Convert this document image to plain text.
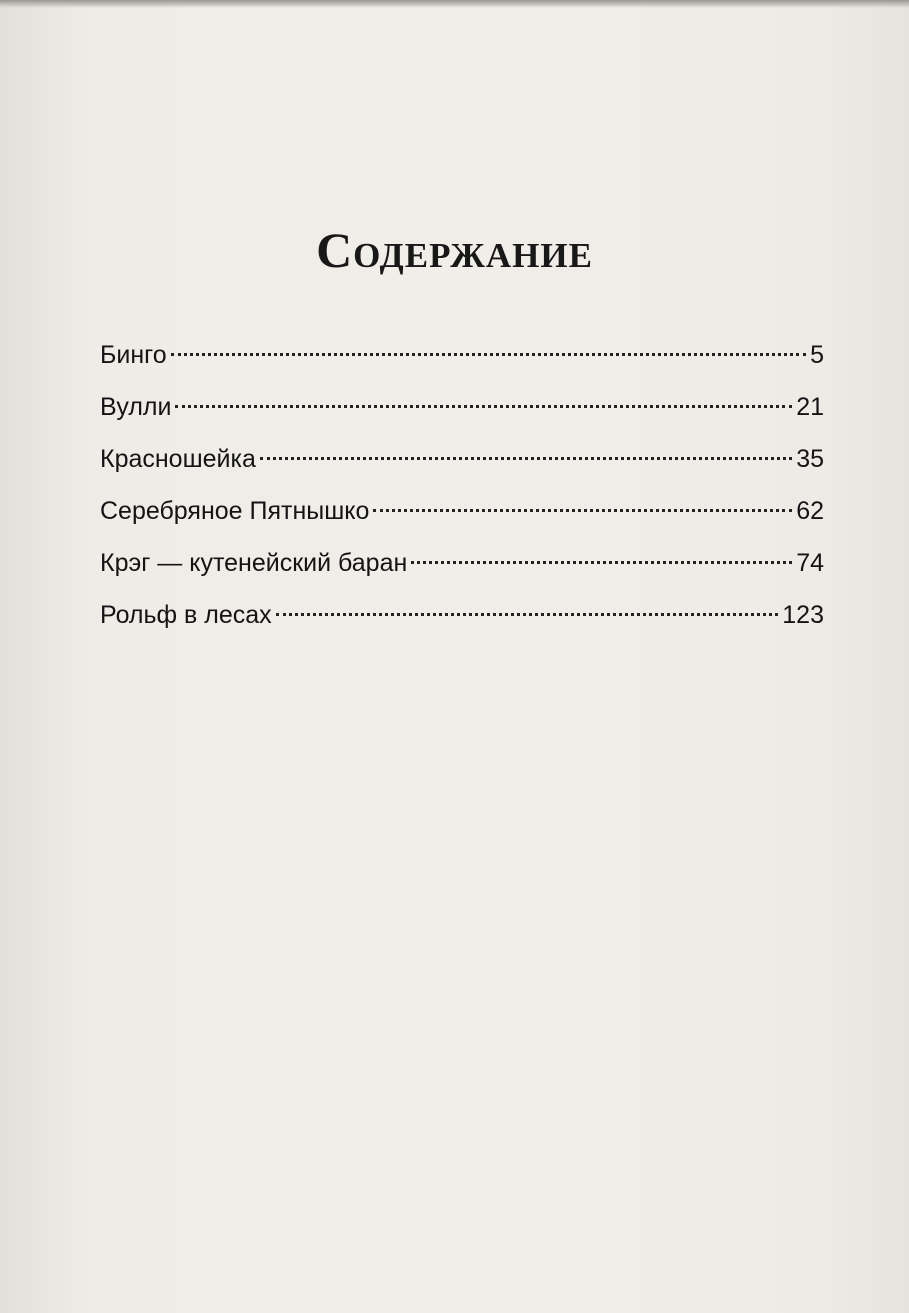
Содержание
Бинго	5
Вулли	21
Красношейка	35
Серебряное Пятнышко	62
Крэг — кутенейский баран	74
Рольф в лесах	123
